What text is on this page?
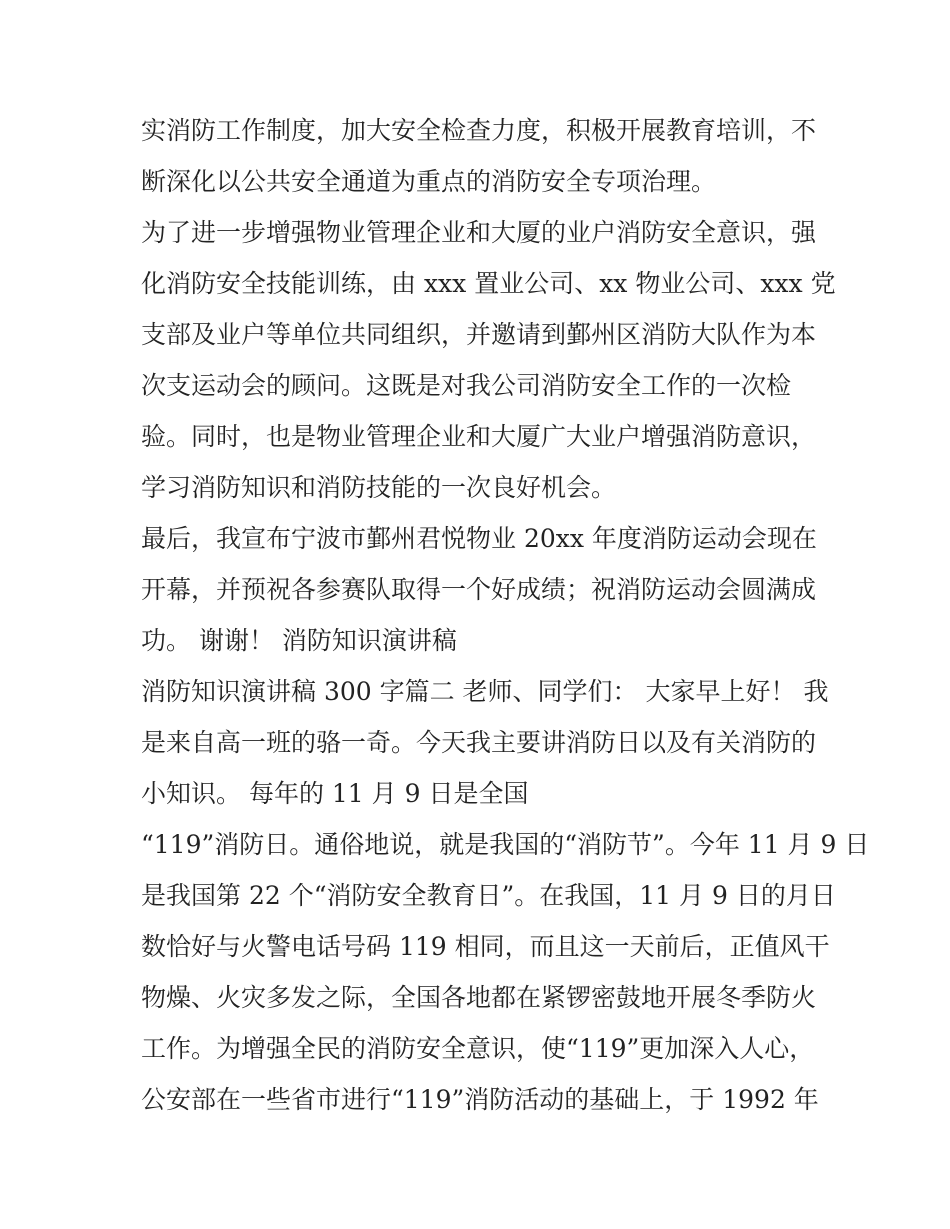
实消防工作制度，加大安全检查力度，积极开展教育培训，不
断深化以公共安全通道为重点的消防安全专项治理。
为了进一步增强物业管理企业和大厦的业户消防安全意识，强
化消防安全技能训练，由 xxx 置业公司、xx 物业公司、xxx 党
支部及业户等单位共同组织，并邀请到鄞州区消防大队作为本
次支运动会的顾问。这既是对我公司消防安全工作的一次检
验。同时，也是物业管理企业和大厦广大业户增强消防意识，
学习消防知识和消防技能的一次良好机会。
最后，我宣布宁波市鄞州君悦物业 20xx 年度消防运动会现在
开幕，并预祝各参赛队取得一个好成绩；祝消防运动会圆满成
功。 谢谢！ 消防知识演讲稿
消防知识演讲稿 300 字篇二 老师、同学们： 大家早上好！ 我
是来自高一班的骆一奇。今天我主要讲消防日以及有关消防的
小知识。 每年的 11 月 9 日是全国
“119”消防日。通俗地说，就是我国的“消防节”。今年 11 月 9 日
是我国第 22 个“消防安全教育日”。在我国，11 月 9 日的月日
数恰好与火警电话号码 119 相同，而且这一天前后，正值风干
物燥、火灾多发之际，全国各地都在紧锣密鼓地开展冬季防火
工作。为增强全民的消防安全意识，使“119”更加深入人心，
公安部在一些省市进行“119”消防活动的基础上，于 1992 年
